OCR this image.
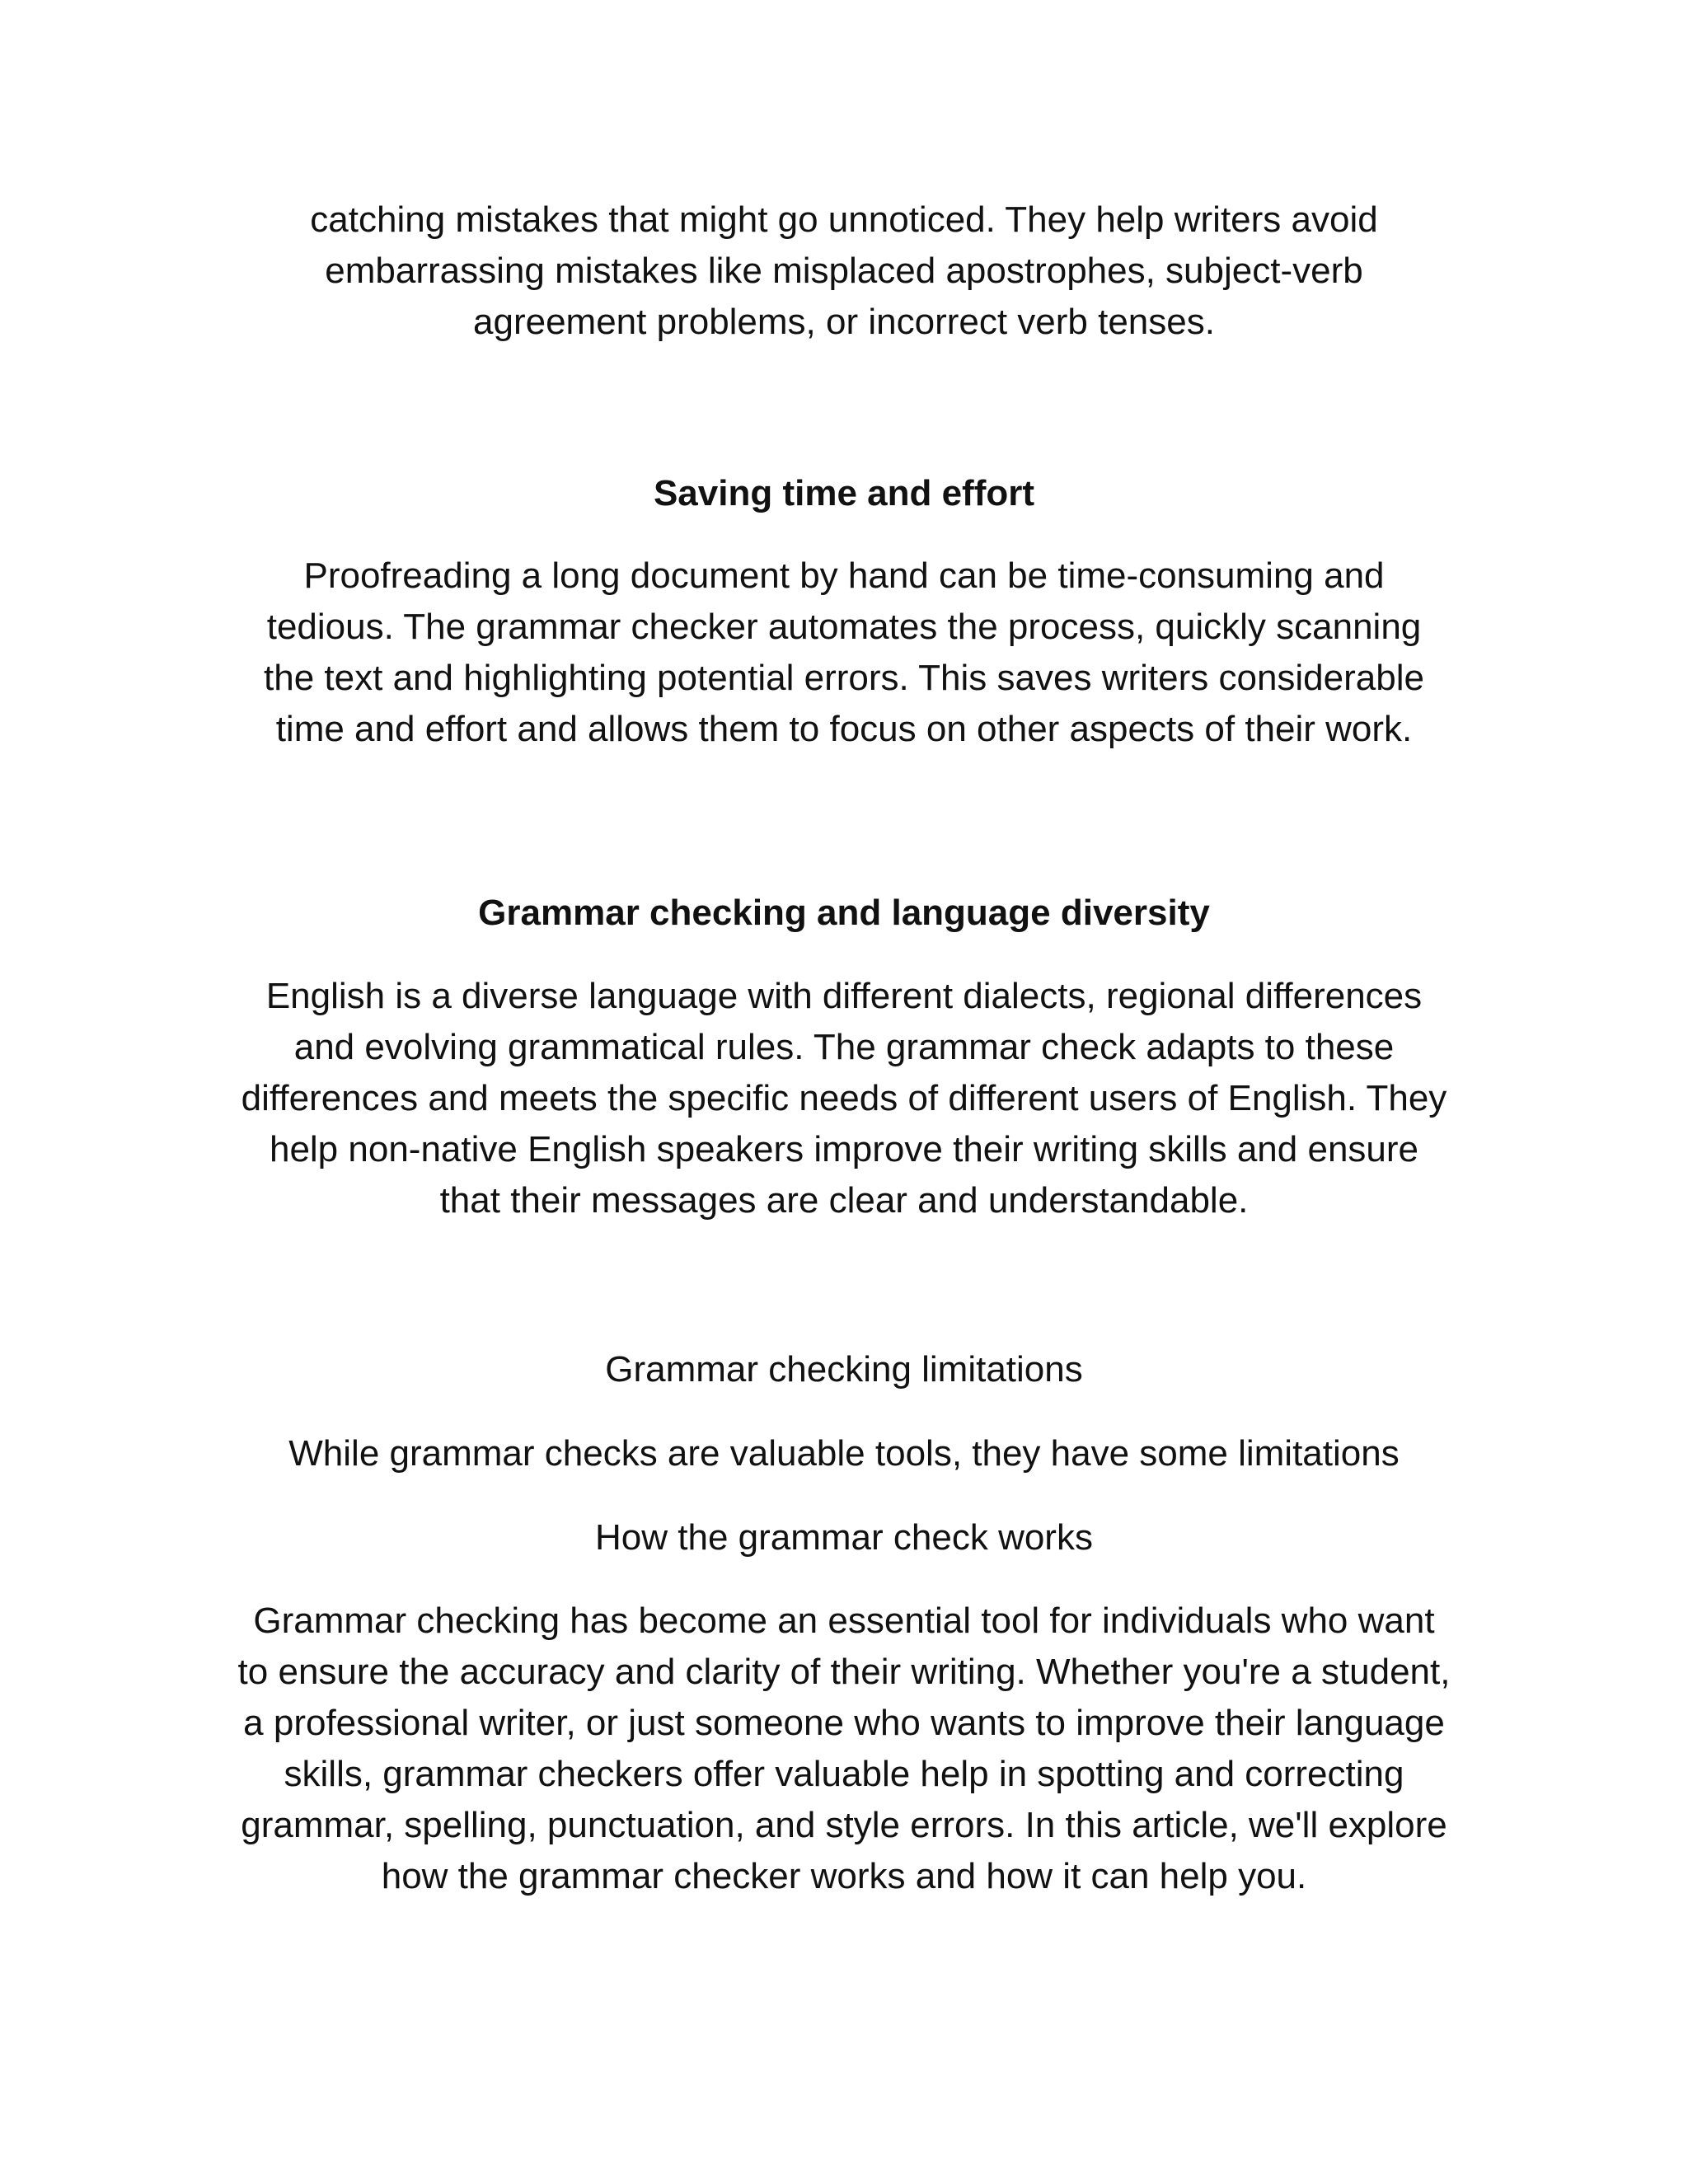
catching mistakes that might go unnoticed. They help writers avoid
embarrassing mistakes like misplaced apostrophes, subject-verb
agreement problems, or incorrect verb tenses.

Saving time and effort

Proofreading a long document by hand can be time-consuming and
tedious. The grammar checker automates the process, quickly scanning
the text and highlighting potential errors. This saves writers considerable
time and effort and allows them to focus on other aspects of their work.

Grammar checking and language diversity

English is a diverse language with different dialects, regional differences
and evolving grammatical rules. The grammar check adapts to these
differences and meets the specific needs of different users of English. They
help non-native English speakers improve their writing skills and ensure
that their messages are clear and understandable.

Grammar checking limitations

While grammar checks are valuable tools, they have some limitations

How the grammar check works

Grammar checking has become an essential tool for individuals who want
to ensure the accuracy and clarity of their writing. Whether you're a student,
a professional writer, or just someone who wants to improve their language
skills, grammar checkers offer valuable help in spotting and correcting
grammar, spelling, punctuation, and style errors. In this article, we'll explore
how the grammar checker works and how it can help you.
